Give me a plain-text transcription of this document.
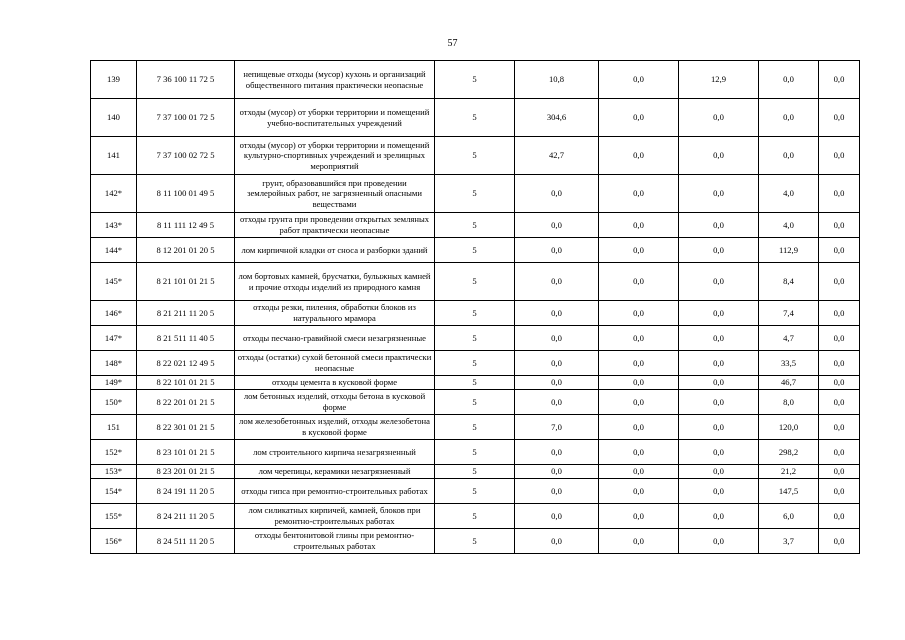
57
139	7 36 100 11 72 5	непищевые отходы (мусор) кухонь и организаций общественного питания практически неопасные	5	10,8	0,0	12,9	0,0	0,0
140	7 37 100 01 72 5	отходы (мусор) от уборки территории и помещений учебно-воспитательных учреждений	5	304,6	0,0	0,0	0,0	0,0
141	7 37 100 02 72 5	отходы (мусор) от уборки территории и помещений культурно-спортивных учреждений и зрелищных мероприятий	5	42,7	0,0	0,0	0,0	0,0
142*	8 11 100 01 49 5	грунт, образовавшийся при проведении землеройных работ, не загрязненный опасными веществами	5	0,0	0,0	0,0	4,0	0,0
143*	8 11 111 12 49 5	отходы грунта при проведении открытых земляных работ практически неопасные	5	0,0	0,0	0,0	4,0	0,0
144*	8 12 201 01 20 5	лом кирпичной кладки от сноса и разборки зданий	5	0,0	0,0	0,0	112,9	0,0
145*	8 21 101 01 21 5	лом бортовых камней, брусчатки, булыжных камней и прочие отходы изделий из природного камня	5	0,0	0,0	0,0	8,4	0,0
146*	8 21 211 11 20 5	отходы резки, пиления, обработки блоков из натурального мрамора	5	0,0	0,0	0,0	7,4	0,0
147*	8 21 511 11 40 5	отходы песчано-гравийной смеси незагрязненные	5	0,0	0,0	0,0	4,7	0,0
148*	8 22 021 12 49 5	отходы (остатки) сухой бетонной смеси практически неопасные	5	0,0	0,0	0,0	33,5	0,0
149*	8 22 101 01 21 5	отходы цемента в кусковой форме	5	0,0	0,0	0,0	46,7	0,0
150*	8 22 201 01 21 5	лом бетонных изделий, отходы бетона в кусковой форме	5	0,0	0,0	0,0	8,0	0,0
151	8 22 301 01 21 5	лом железобетонных изделий, отходы железобетона в кусковой форме	5	7,0	0,0	0,0	120,0	0,0
152*	8 23 101 01 21 5	лом строительного кирпича незагрязненный	5	0,0	0,0	0,0	298,2	0,0
153*	8 23 201 01 21 5	лом черепицы, керамики незагрязненный	5	0,0	0,0	0,0	21,2	0,0
154*	8 24 191 11 20 5	отходы гипса при ремонтно-строительных работах	5	0,0	0,0	0,0	147,5	0,0
155*	8 24 211 11 20 5	лом силикатных кирпичей, камней, блоков при ремонтно-строительных работах	5	0,0	0,0	0,0	6,0	0,0
156*	8 24 511 11 20 5	отходы бентонитовой глины при ремонтно-строительных работах	5	0,0	0,0	0,0	3,7	0,0
